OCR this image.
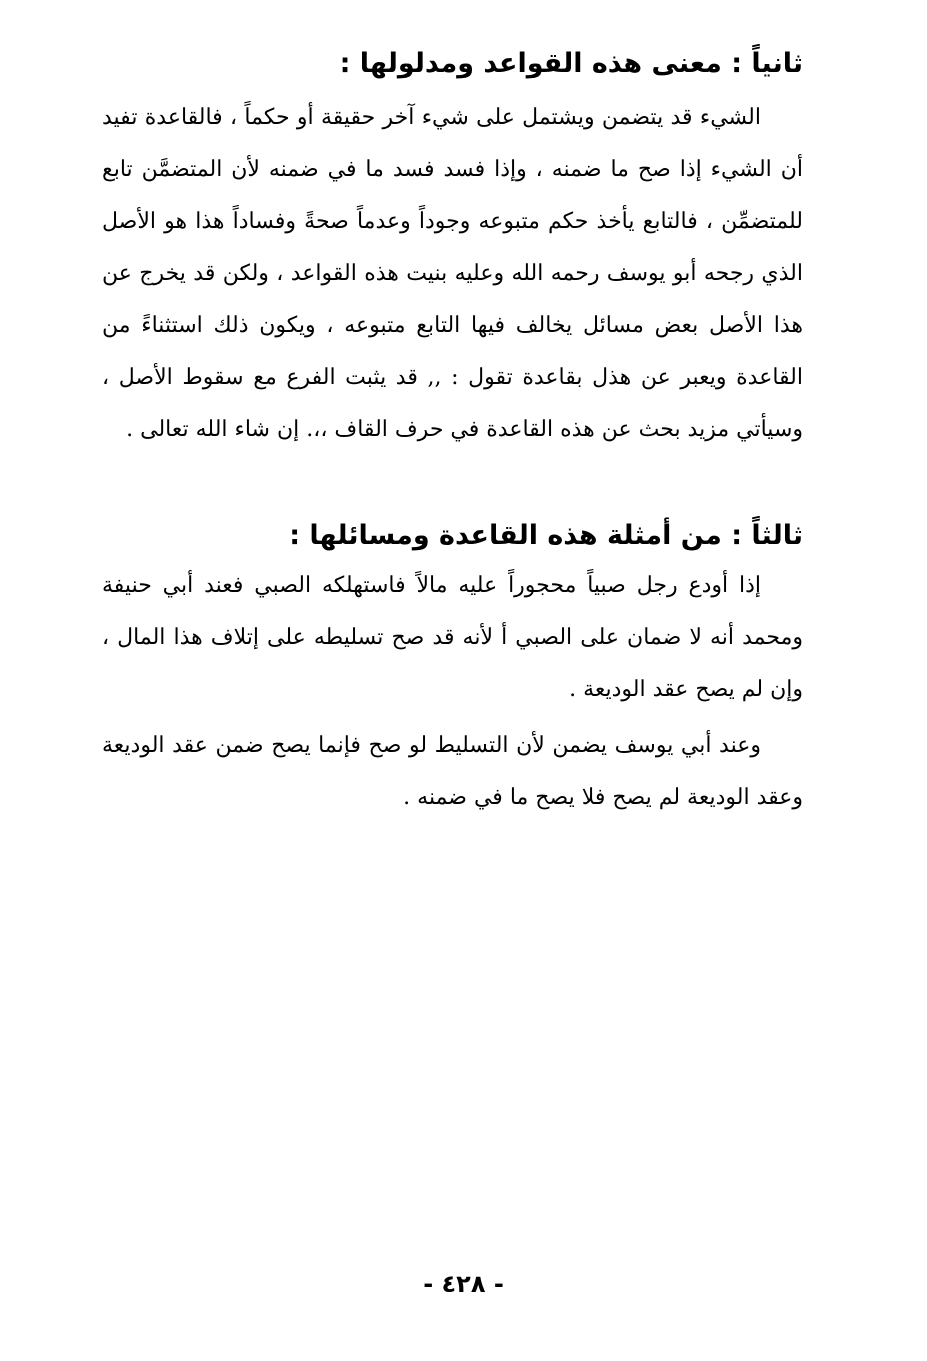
ثانياً : معنى هذه القواعد ومدلولها :
الشيء قد يتضمن ويشتمل على شيء آخر حقيقة أو حكماً ، فالقاعدة تفيد أن الشيء إذا صح ما ضمنه ، وإذا فسد فسد ما في ضمنه لأن المتضمَّن تابع للمتضمِّن ، فالتابع يأخذ حكم متبوعه وجوداً وعدماً صحةً وفساداً هذا هو الأصل الذي رجحه أبو يوسف رحمه الله وعليه بنيت هذه القواعد ، ولكن قد يخرج عن هذا الأصل بعض مسائل يخالف فيها التابع متبوعه ، ويكون ذلك استثناءً من القاعدة ويعبر عن هذل بقاعدة تقول : ,, قد يثبت الفرع مع سقوط الأصل ، وسيأتي مزيد بحث عن هذه القاعدة في حرف القاف ،،. إن شاء الله تعالى .
ثالثاً : من أمثلة هذه القاعدة ومسائلها :
إذا أودع رجل صبياً محجوراً عليه مالاً فاستهلكه الصبي فعند أبي حنيفة ومحمد أنه لا ضمان على الصبي أ لأنه قد صح تسليطه على إتلاف هذا المال ، وإن لم يصح عقد الوديعة .
وعند أبي يوسف يضمن لأن التسليط لو صح فإنما يصح ضمن عقد الوديعة وعقد الوديعة لم يصح فلا يصح ما في ضمنه .
- ٤٢٨ -
